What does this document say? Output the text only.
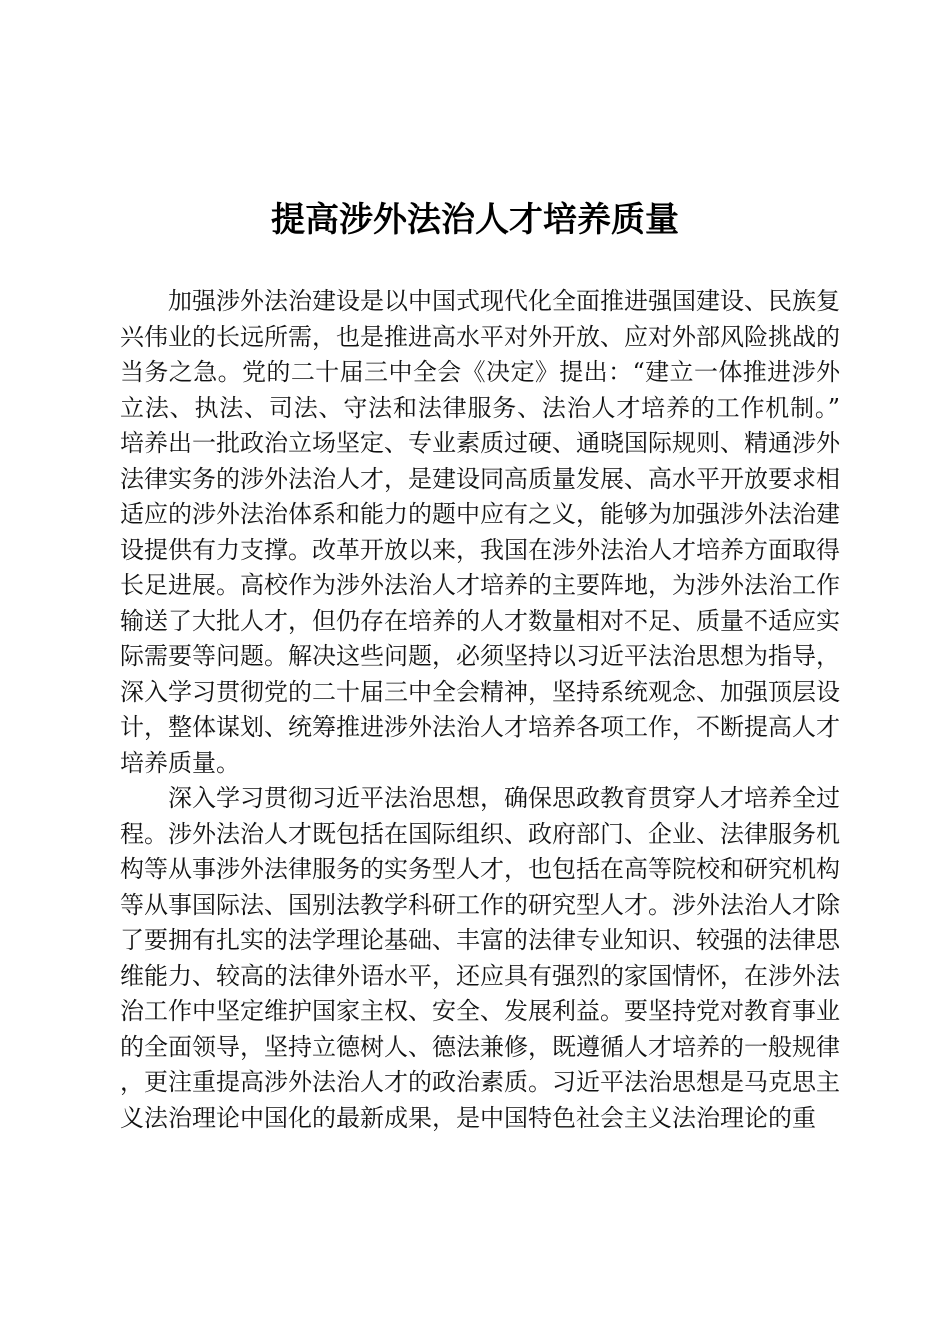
提高涉外法治人才培养质量

加强涉外法治建设是以中国式现代化全面推进强国建设、民族复兴伟业的长远所需，也是推进高水平对外开放、应对外部风险挑战的当务之急。党的二十届三中全会《决定》提出：“建立一体推进涉外立法、执法、司法、守法和法律服务、法治人才培养的工作机制。”培养出一批政治立场坚定、专业素质过硬、通晓国际规则、精通涉外法律实务的涉外法治人才，是建设同高质量发展、高水平开放要求相适应的涉外法治体系和能力的题中应有之义，能够为加强涉外法治建设提供有力支撑。改革开放以来，我国在涉外法治人才培养方面取得长足进展。高校作为涉外法治人才培养的主要阵地，为涉外法治工作输送了大批人才，但仍存在培养的人才数量相对不足、质量不适应实际需要等问题。解决这些问题，必须坚持以习近平法治思想为指导，深入学习贯彻党的二十届三中全会精神，坚持系统观念、加强顶层设计，整体谋划、统筹推进涉外法治人才培养各项工作，不断提高人才培养质量。

深入学习贯彻习近平法治思想，确保思政教育贯穿人才培养全过程。涉外法治人才既包括在国际组织、政府部门、企业、法律服务机构等从事涉外法律服务的实务型人才，也包括在高等院校和研究机构等从事国际法、国别法教学科研工作的研究型人才。涉外法治人才除了要拥有扎实的法学理论基础、丰富的法律专业知识、较强的法律思维能力、较高的法律外语水平，还应具有强烈的家国情怀，在涉外法治工作中坚定维护国家主权、安全、发展利益。要坚持党对教育事业的全面领导，坚持立德树人、德法兼修，既遵循人才培养的一般规律，更注重提高涉外法治人才的政治素质。习近平法治思想是马克思主义法治理论中国化的最新成果，是中国特色社会主义法治理论的重
